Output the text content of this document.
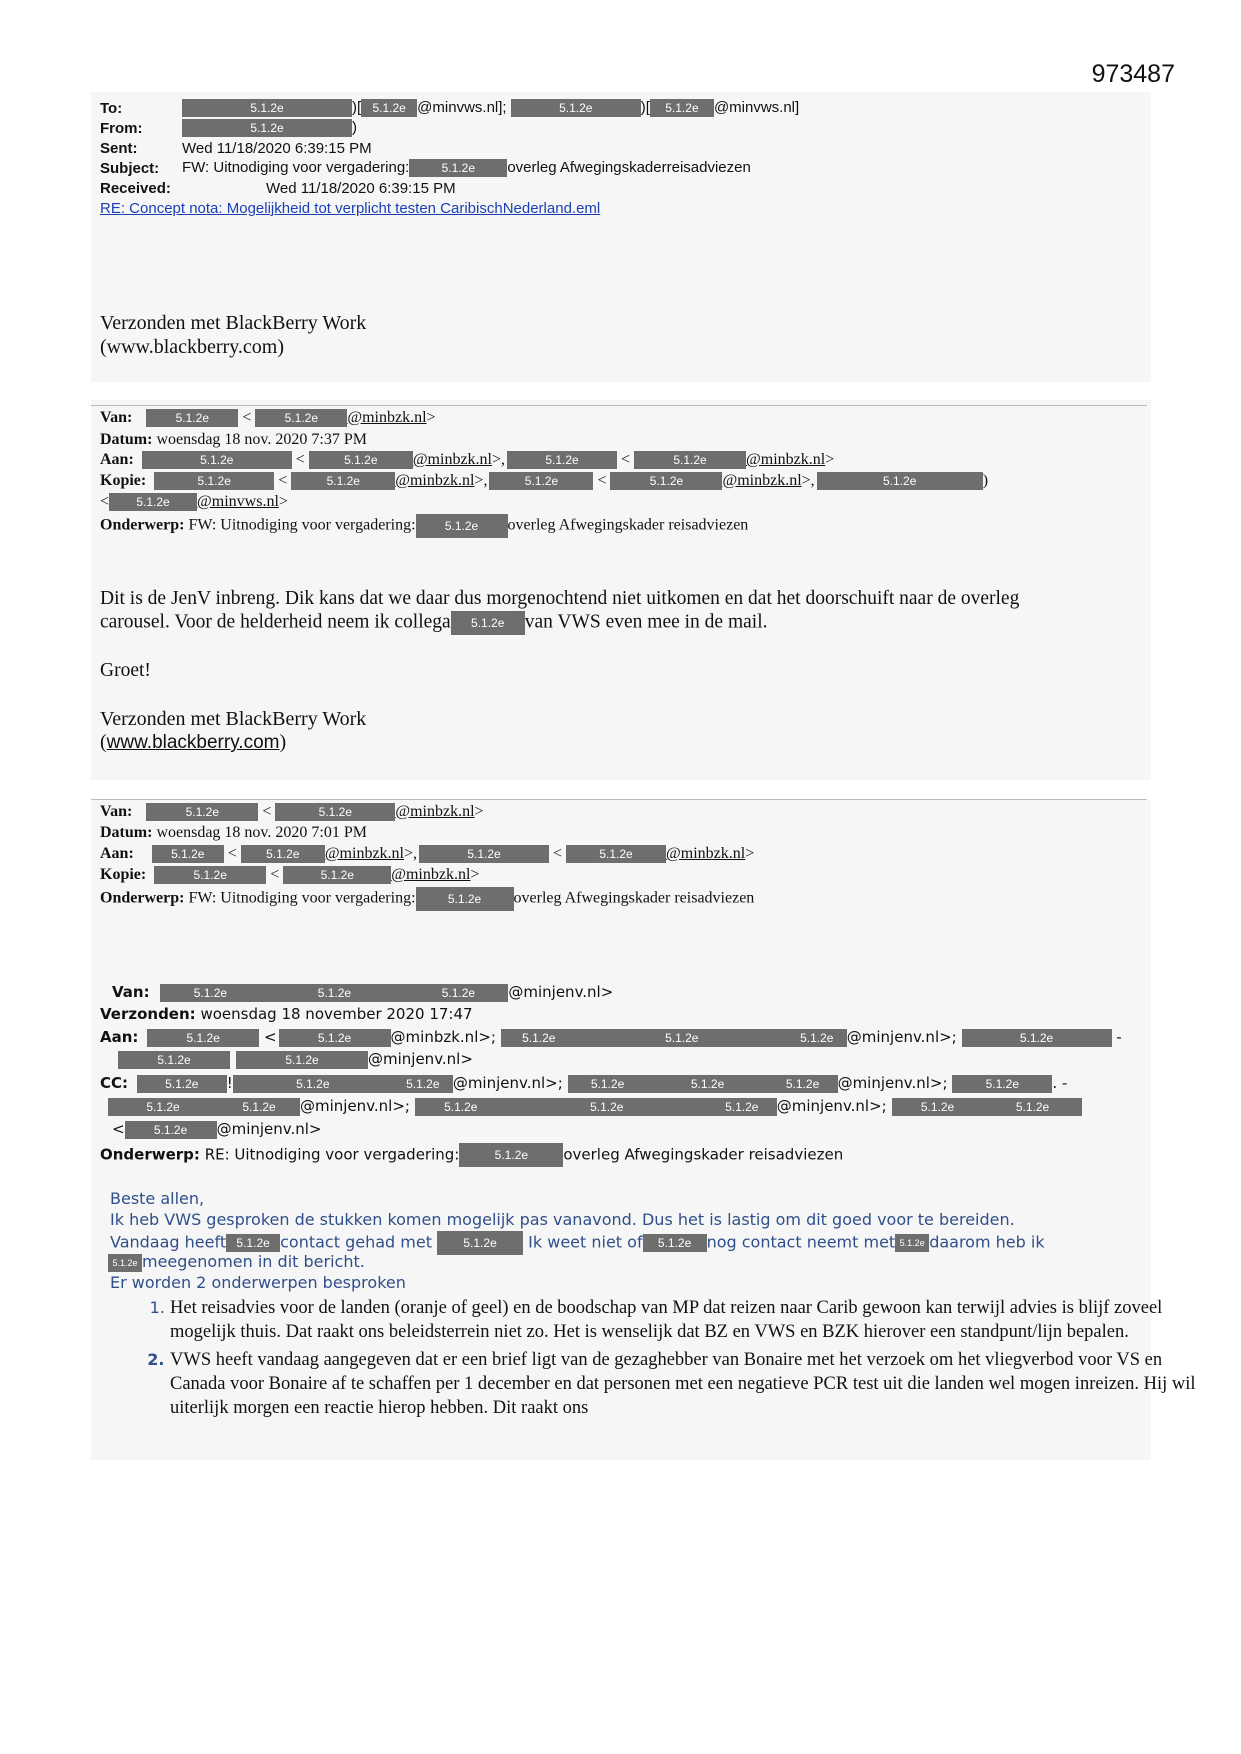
973487
To:	5.1.2e	)[ 5.1.2e @minvws.nl];	5.1.2e	)[ 5.1.2e @minvws.nl]
From:	5.1.2e	)
Sent:	Wed 11/18/2020 6:39:15 PM
Subject: FW: Uitnodiging voor vergadering:	5.1.2e overleg Afwegingskaderreisadviezen
Received:	Wed 11/18/2020 6:39:15 PM
RE: Concept nota: Mogelijkheid tot verplicht testen CaribischNederland.eml
Verzonden met BlackBerry Work
(www.blackberry.com)
Van:	5.1.2e <	5.1.2e @minbzk.nl>
Datum: woensdag 18 nov. 2020 7:37 PM
Aan:	5.1.2e	<	5.1.2e @minbzk.nl>,	5.1.2e <	5.1.2e @minbzk.nl>
Kopie:	5.1.2e	<	5.1.2e @minbzk.nl>,	5.1.2e <	5.1.2e @minbzk.nl>,	5.1.2e	)
< 5.1.2e @minvws.nl>
Onderwerp: FW: Uitnodiging voor vergadering: 5.1.2e overleg Afwegingskader reisadviezen
Dit is de JenV inbreng. Dik kans dat we daar dus morgenochtend niet uitkomen en dat het doorschuift naar de overleg
carousel. Voor de helderheid neem ik collega 5.1.2e van VWS even mee in de mail.
Groet!
Verzonden met BlackBerry Work
(www.blackberry.com)
Van:	5.1.2e <	5.1.2e	@minbzk.nl>
Datum: woensdag 18 nov. 2020 7:01 PM
Aan:	5.1.2e < 5.1.2e @minbzk.nl>,	5.1.2e	<	5.1.2e @minbzk.nl>
Kopie:	5.1.2e <	5.1.2e @minbzk.nl>
Onderwerp: FW: Uitnodiging voor vergadering:	5.1.2e overleg Afwegingskader reisadviezen
Van:	5.1.2e	5.1.2e	5.1.2e @minjenv.nl>
Verzonden: woensdag 18 november 2020 17:47
Aan:	5.1.2e	<	5.1.2e	@minbzk.nl>; 5.1.2e	5.1.2e	5.1.2e @minjenv.nl>;	5.1.2e	-
5.1.2e	5.1.2e	@minjenv.nl>
CC:	5.1.2e !	5.1.2e	5.1.2e @minjenv.nl>; 5.1.2e	5.1.2e	5.1.2e @minjenv.nl>;	5.1.2e . -
5.1.2e	5.1.2e @minjenv.nl>;	5.1.2e	5.1.2e	5.1.2e @minjenv.nl>;	5.1.2e	5.1.2e
< 5.1.2e @minjenv.nl>
Onderwerp: RE: Uitnodiging voor vergadering:	5.1.2e overleg Afwegingskader reisadviezen
Beste allen,
Ik heb VWS gesproken de stukken komen mogelijk pas vanavond. Dus het is lastig om dit goed voor te bereiden.
Vandaag heeft 5.1.2e contact gehad met	5.1.2e Ik weet niet of 5.1.2e nog contact neemt met 5.1.2e daarom heb ik
5.1.2e meegenomen in dit bericht.
Er worden 2 onderwerpen besproken
1. Het reisadvies voor de landen (oranje of geel) en de boodschap van MP dat reizen naar Carib gewoon kan terwijl advies is blijf zoveel mogelijk thuis. Dat raakt ons beleidsterrein niet zo. Het is wenselijk dat BZ en VWS en BZK hierover een standpunt/lijn bepalen.
2. VWS heeft vandaag aangegeven dat er een brief ligt van de gezaghebber van Bonaire met het verzoek om het vliegverbod voor VS en Canada voor Bonaire af te schaffen per 1 december en dat personen met een negatieve PCR test uit die landen wel mogen inreizen. Hij wil uiterlijk morgen een reactie hierop hebben. Dit raakt ons
